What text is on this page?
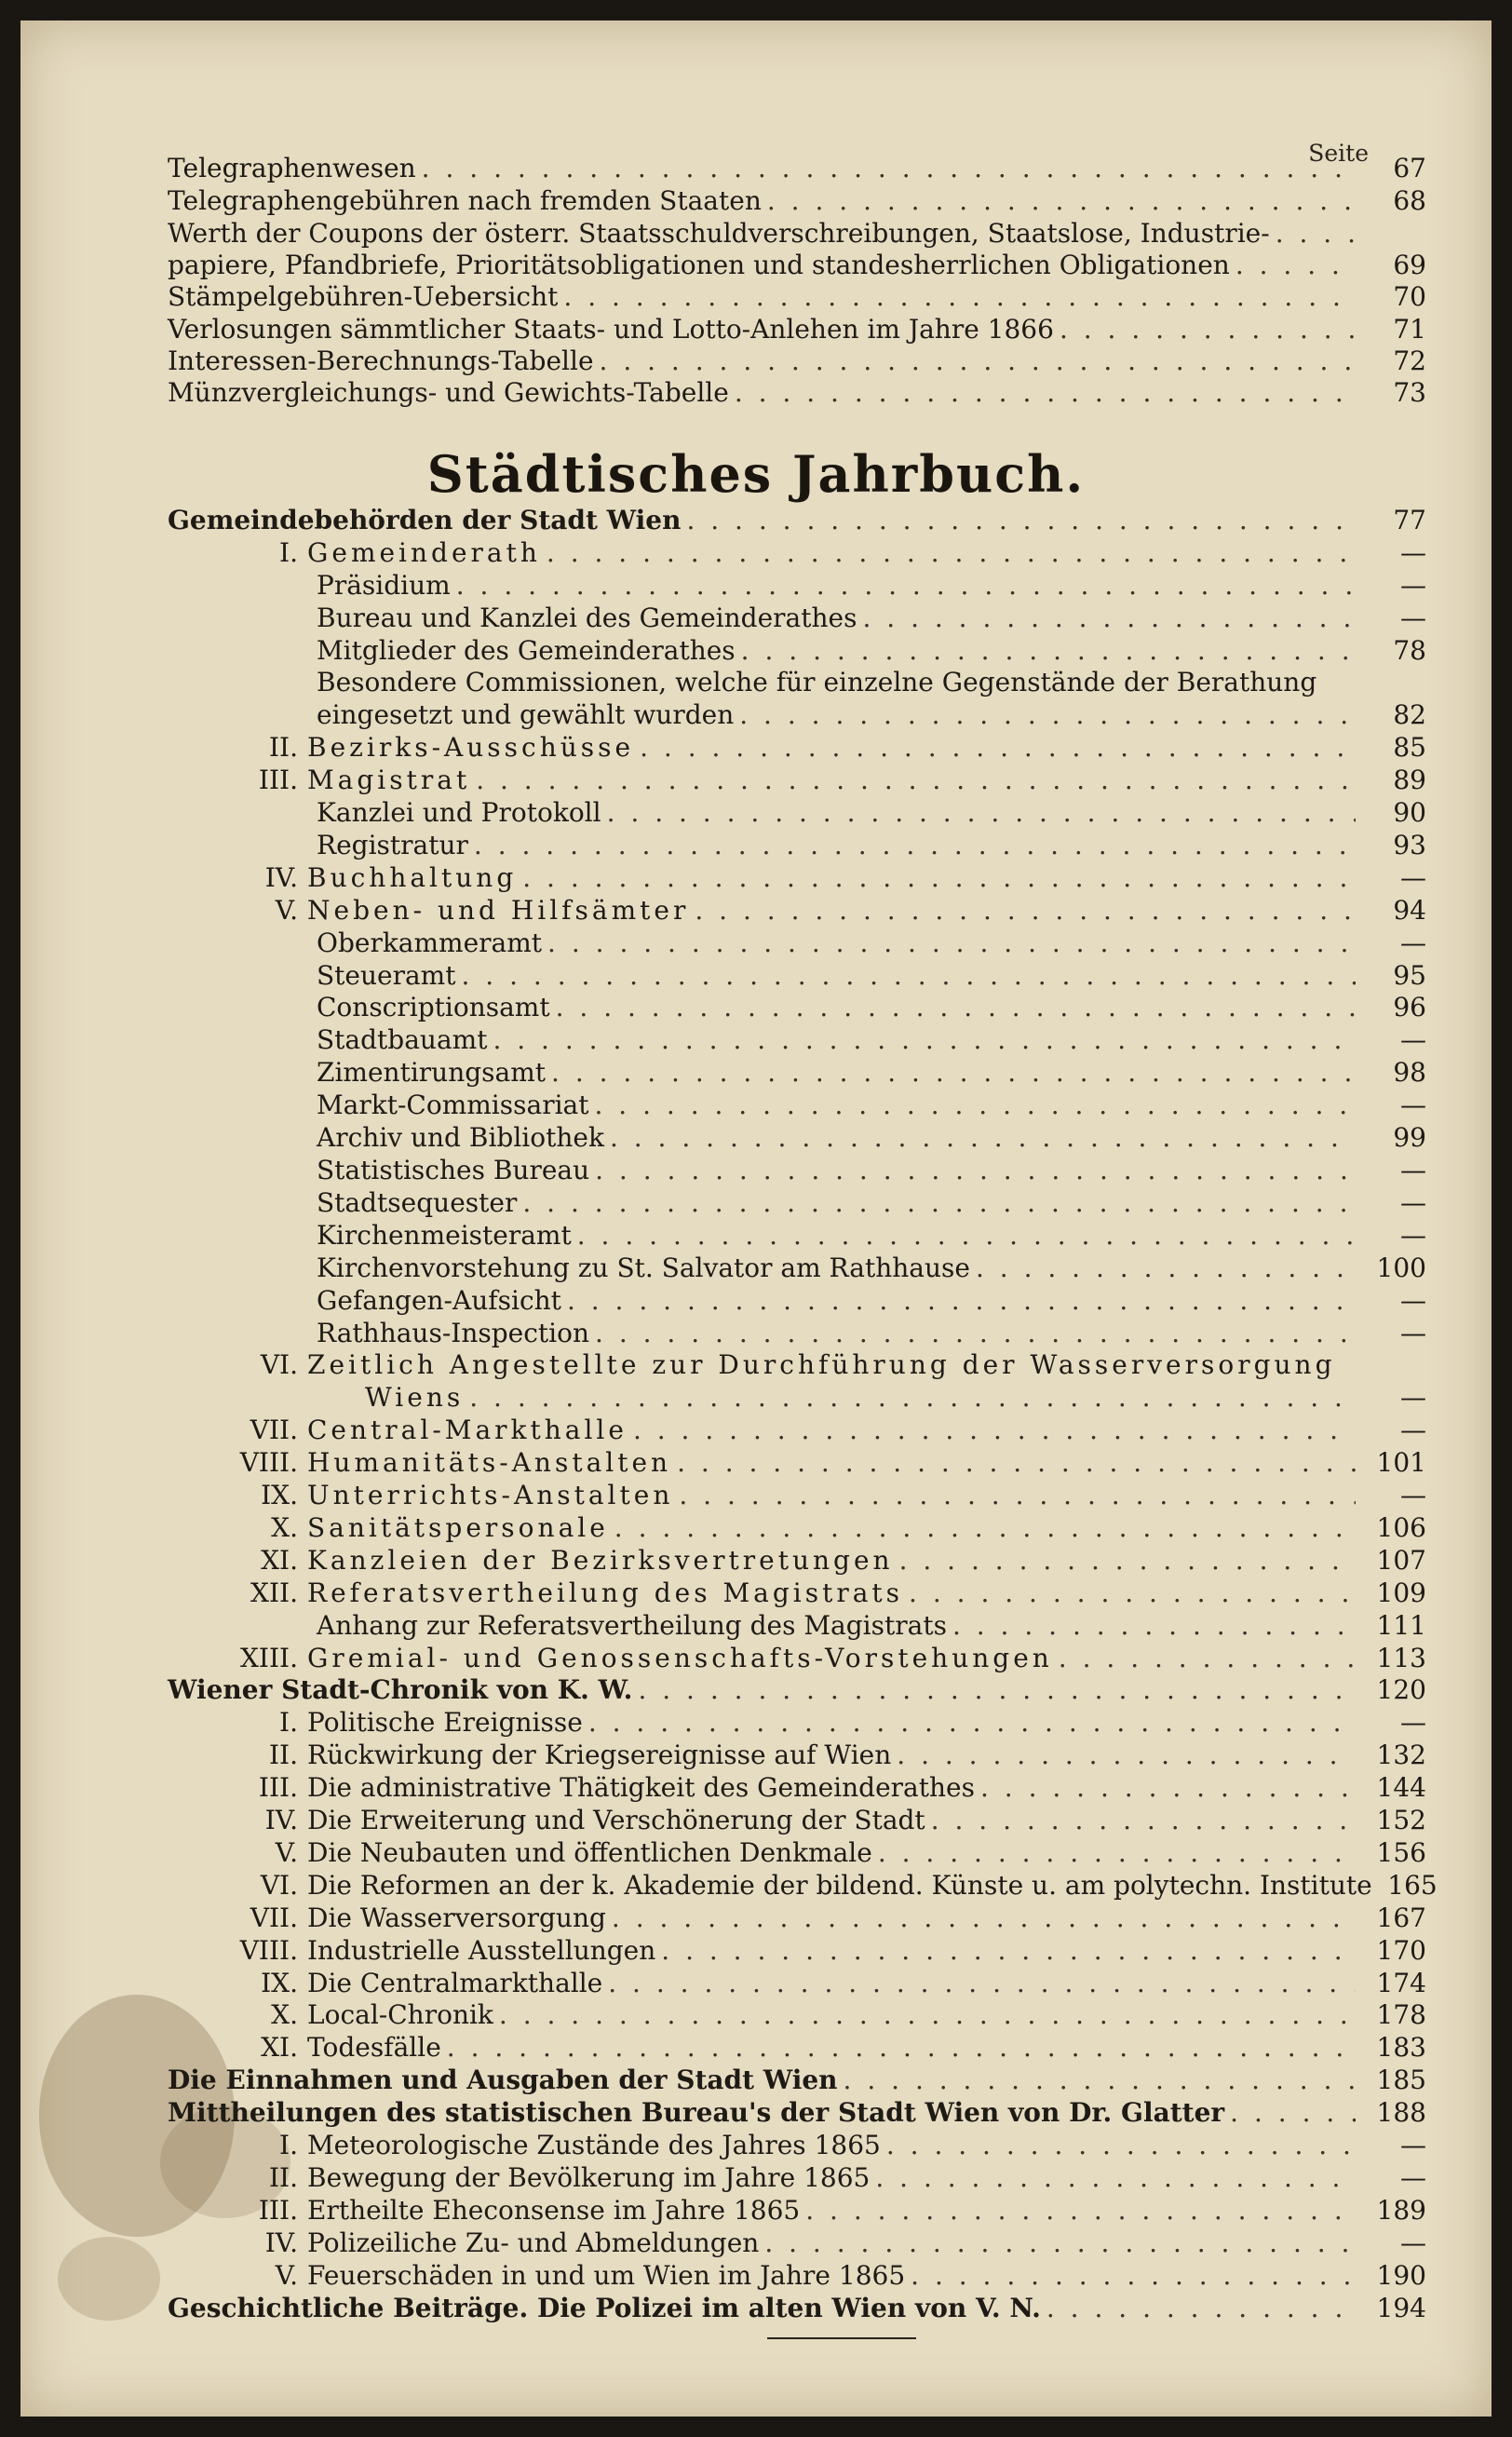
Seite
Städtisches Jahrbuch.
Telegraphenwesen . . .	67
Telegraphengebühren nach fremden Staaten . . .	68
Werth der Coupons der österr. Staatsschuldverschreibungen, Staatslose, Industrie-
. . .
papiere, Pfandbriefe, Prioritätsobligationen und standesherrlichen Obligationen . . .	69
Stämpelgebühren-Uebersicht . . .	70
Verlosungen sämmtlicher Staats- und Lotto-Anlehen im Jahre 1866 . . .	71
Interessen-Berechnungs-Tabelle . . .	72
Münzvergleichungs- und Gewichts-Tabelle . . .	73
Gemeindebehörden der Stadt Wien . . .	77
I. Gemeinderath . . .	—
Präsidium . . .	—
Bureau und Kanzlei des Gemeinderathes . . .	—
Mitglieder des Gemeinderathes . . .	78
Besondere Commissionen, welche für einzelne Gegenstände der Berathung
eingesetzt und gewählt wurden . . .	82
II. Bezirks-Ausschüsse . . .	85
III. Magistrat . . .	89
Kanzlei und Protokoll . . .	90
Registratur . . .	93
IV. Buchhaltung . . .	—
V. Neben- und Hilfsämter . . .	94
Oberkammeramt . . .	—
Steueramt . . .	95
Conscriptionsamt . . .	96
Stadtbauamt . . .	—
Zimentirungsamt . . .	98
Markt-Commissariat . . .	—
Archiv und Bibliothek . . .	99
Statistisches Bureau . . .	—
Stadtsequester . . .	—
Kirchenmeisteramt . . .	—
Kirchenvorstehung zu St. Salvator am Rathhause . . .	100
Gefangen-Aufsicht . . .	—
Rathhaus-Inspection . . .	—
VI. Zeitlich Angestellte zur Durchführung der Wasserversorgung
Wiens . . .	—
VII. Central-Markthalle . . .	—
VIII. Humanitäts-Anstalten . . .	101
IX. Unterrichts-Anstalten . . .	—
X. Sanitätspersonale . . .	106
XI. Kanzleien der Bezirksvertretungen . . .	107
XII. Referatsvertheilung des Magistrats . . .	109
Anhang zur Referatsvertheilung des Magistrats . . .	111
XIII. Gremial- und Genossenschafts-Vorstehungen . . .	113
Wiener Stadt-Chronik von K. W. . . .	120
I. Politische Ereignisse . . .	—
II. Rückwirkung der Kriegsereignisse auf Wien . . .	132
III. Die administrative Thätigkeit des Gemeinderathes . . .	144
IV. Die Erweiterung und Verschönerung der Stadt . . .	152
V. Die Neubauten und öffentlichen Denkmale . . .	156
VI. Die Reformen an der k. Akademie der bildend. Künste u. am polytechn. Institute 165
VII. Die Wasserversorgung . . .	167
VIII. Industrielle Ausstellungen . . .	170
IX. Die Centralmarkthalle . . .	174
X. Local-Chronik . . .	178
XI. Todesfälle . . .	183
Die Einnahmen und Ausgaben der Stadt Wien . . .	185
Mittheilungen des statistischen Bureau's der Stadt Wien von Dr. Glatter . . .	188
I. Meteorologische Zustände des Jahres 1865 . . .	—
II. Bewegung der Bevölkerung im Jahre 1865 . . .	—
III. Ertheilte Eheconsense im Jahre 1865 . . .	189
IV. Polizeiliche Zu- und Abmeldungen . . .	—
V. Feuerschäden in und um Wien im Jahre 1865 . . .	190
Geschichtliche Beiträge. Die Polizei im alten Wien von V. N. . . .	194
